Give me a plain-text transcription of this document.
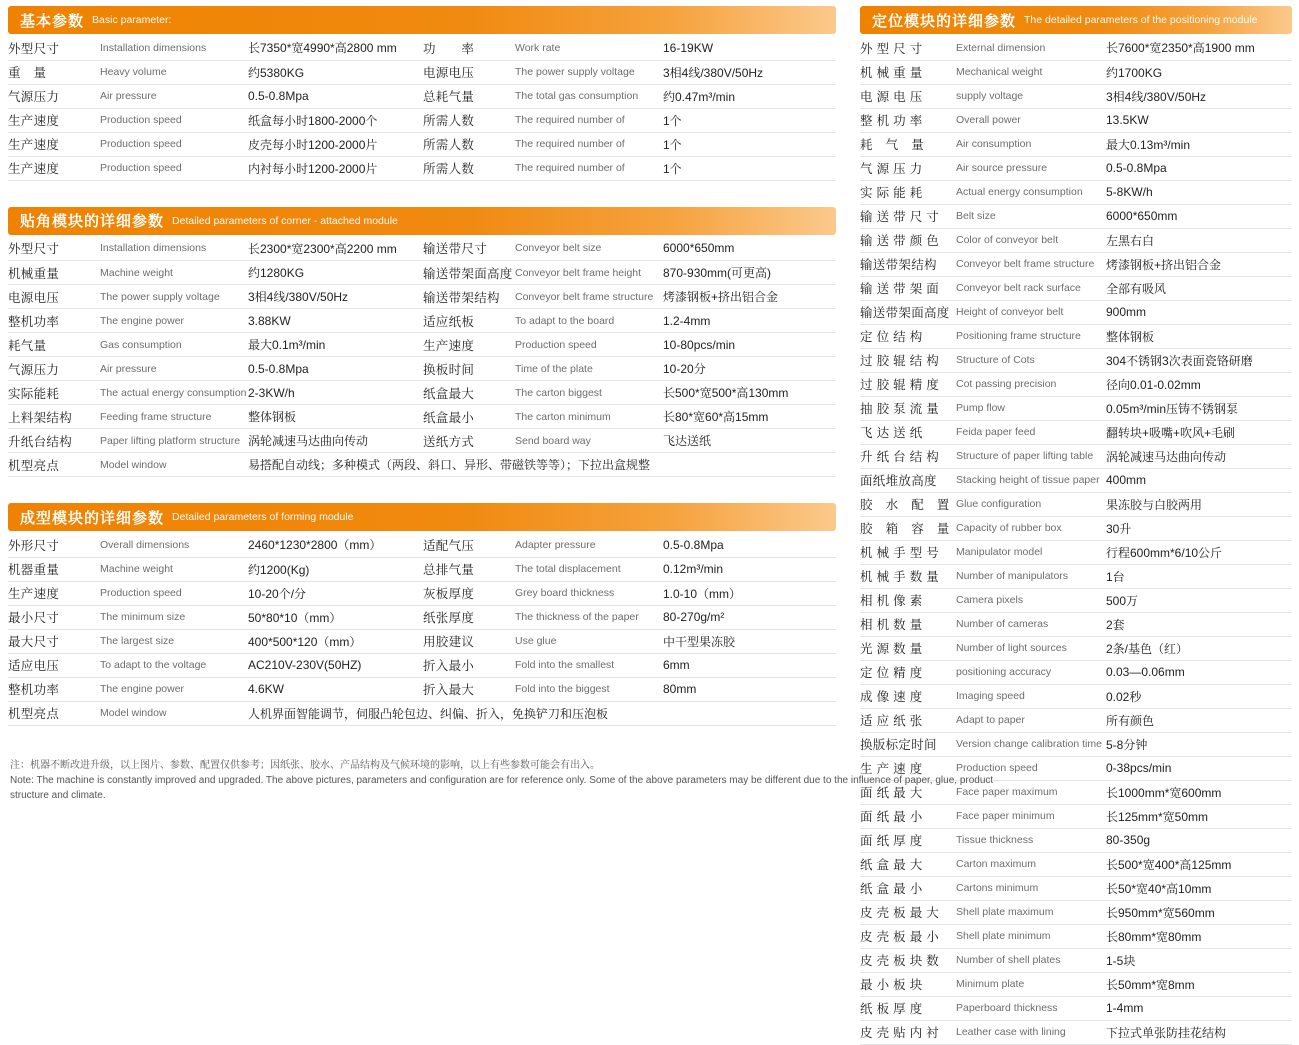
基本参数 Basic parameter:
外型尺寸	Installation dimensions	长7350*宽4990*高2800 mm	功　　率	Work rate	16-19KW
重　量	Heavy volume	约5380KG	电源电压	The power supply voltage	3相4线/380V/50Hz
气源压力	Air pressure	0.5-0.8Mpa	总耗气量	The total gas consumption	约0.47m³/min
生产速度	Production speed	纸盒每小时1800-2000个	所需人数	The required number of	1个
生产速度	Production speed	皮壳每小时1200-2000片	所需人数	The required number of	1个
生产速度	Production speed	内衬每小时1200-2000片	所需人数	The required number of	1个
贴角模块的详细参数 Detailed parameters of corner - attached module
外型尺寸	Installation dimensions	长2300*宽2300*高2200 mm	输送带尺寸	Conveyor belt size	6000*650mm
机械重量	Machine weight	约1280KG	输送带架面高度	Conveyor belt frame height	870-930mm(可更高)
电源电压	The power supply voltage	3相4线/380V/50Hz	输送带架结构	Conveyor belt frame structure	烤漆钢板+挤出铝合金
整机功率	The engine power	3.88KW	适应纸板	To adapt to the board	1.2-4mm
耗气量	Gas consumption	最大0.1m³/min	生产速度	Production speed	10-80pcs/min
气源压力	Air pressure	0.5-0.8Mpa	换板时间	Time of the plate	10-20分
实际能耗	The actual energy consumption	2-3KW/h	纸盒最大	The carton biggest	长500*宽500*高130mm
上料架结构	Feeding frame structure	整体钢板	纸盒最小	The carton minimum	长80*宽60*高15mm
升纸台结构	Paper lifting platform structure	涡轮减速马达曲向传动	送纸方式	Send board way	飞达送纸
机型亮点	Model window	易搭配自动线；多种模式（两段、斜口、异形、带磁铁等等）；下拉出盒规整			
成型模块的详细参数 Detailed parameters of forming module
外形尺寸	Overall dimensions	2460*1230*2800（mm）	适配气压	Adapter pressure	0.5-0.8Mpa
机器重量	Machine weight	约1200(Kg)	总排气量	The total displacement	0.12m³/min
生产速度	Production speed	10-20个/分	灰板厚度	Grey board thickness	1.0-10（mm）
最小尺寸	The minimum size	50*80*10（mm）	纸张厚度	The thickness of the paper	80-270g/m²
最大尺寸	The largest size	400*500*120（mm）	用胶建议	Use glue	中干型果冻胶
适应电压	To adapt to the voltage	AC210V-230V(50HZ)	折入最小	Fold into the smallest	6mm
整机功率	The engine power	4.6KW	折入最大	Fold into the biggest	80mm
机型亮点	Model window	人机界面智能调节，伺服凸轮包边、纠偏、折入，免换铲刀和压泡板			
定位模块的详细参数 The detailed parameters of the positioning module
外 型 尺 寸	External dimension	长7600*宽2350*高1900 mm
机 械 重 量	Mechanical weight	约1700KG
电 源 电 压	supply voltage	3相4线/380V/50Hz
整 机 功 率	Overall power	13.5KW
耗　气　量	Air consumption	最大0.13m³/min
气 源 压 力	Air source pressure	0.5-0.8Mpa
实 际 能 耗	Actual energy consumption	5-8KW/h
输 送 带 尺 寸	Belt size	6000*650mm
输 送 带 颜 色	Color of conveyor belt	左黑右白
输送带架结构	Conveyor belt frame structure	烤漆钢板+挤出铝合金
输 送 带 架 面	Conveyor belt rack surface	全部有吸风
输送带架面高度	Height of conveyor belt	900mm
定 位 结 构	Positioning frame structure	整体钢板
过 胶 辊 结 构	Structure of Cots	304不锈钢3次表面瓷铬研磨
过 胶 辊 精 度	Cot passing precision	径向0.01-0.02mm
抽 胶 泵 流 量	Pump flow	0.05m³/min压铸不锈钢泵
飞 达 送 纸	Feida paper feed	翻转块+吸嘴+吹风+毛刷
升 纸 台 结 构	Structure of paper lifting table	涡轮减速马达曲向传动
面纸堆放高度	Stacking height of tissue paper	400mm
胶　水　配　置	Glue configuration	果冻胶与白胶两用
胶　箱　容　量	Capacity of rubber box	30升
机 械 手 型 号	Manipulator model	行程600mm*6/10公斤
机 械 手 数 量	Number of manipulators	1台
相 机 像 素	Camera pixels	500万
相 机 数 量	Number of cameras	2套
光 源 数 量	Number of light sources	2条/基色（红）
定 位 精 度	positioning accuracy	0.03—0.06mm
成 像 速 度	Imaging speed	0.02秒
适 应 纸 张	Adapt to paper	所有颜色
换版标定时间	Version change calibration time	5-8分钟
生 产 速 度	Production speed	0-38pcs/min
面 纸 最 大	Face paper maximum	长1000mm*宽600mm
面 纸 最 小	Face paper minimum	长125mm*宽50mm
面 纸 厚 度	Tissue thickness	80-350g
纸 盒 最 大	Carton maximum	长500*宽400*高125mm
纸 盒 最 小	Cartons minimum	长50*宽40*高10mm
皮 壳 板 最 大	Shell plate maximum	长950mm*宽560mm
皮 壳 板 最 小	Shell plate minimum	长80mm*宽80mm
皮 壳 板 块 数	Number of shell plates	1-5块
最 小 板 块	Minimum plate	长50mm*宽8mm
纸 板 厚 度	Paperboard thickness	1-4mm
皮 壳 贴 内 衬	Leather case with lining	下拉式单张防挂花结构
注：机器不断改进升级，以上图片、参数、配置仅供参考；因纸张、胶水、产品结构及气候环境的影响，以上有些参数可能会有出入。
Note: The machine is constantly improved and upgraded. The above pictures, parameters and configuration are for reference only. Some of the above parameters may be different due to the influence of paper, glue, product structure and climate.
